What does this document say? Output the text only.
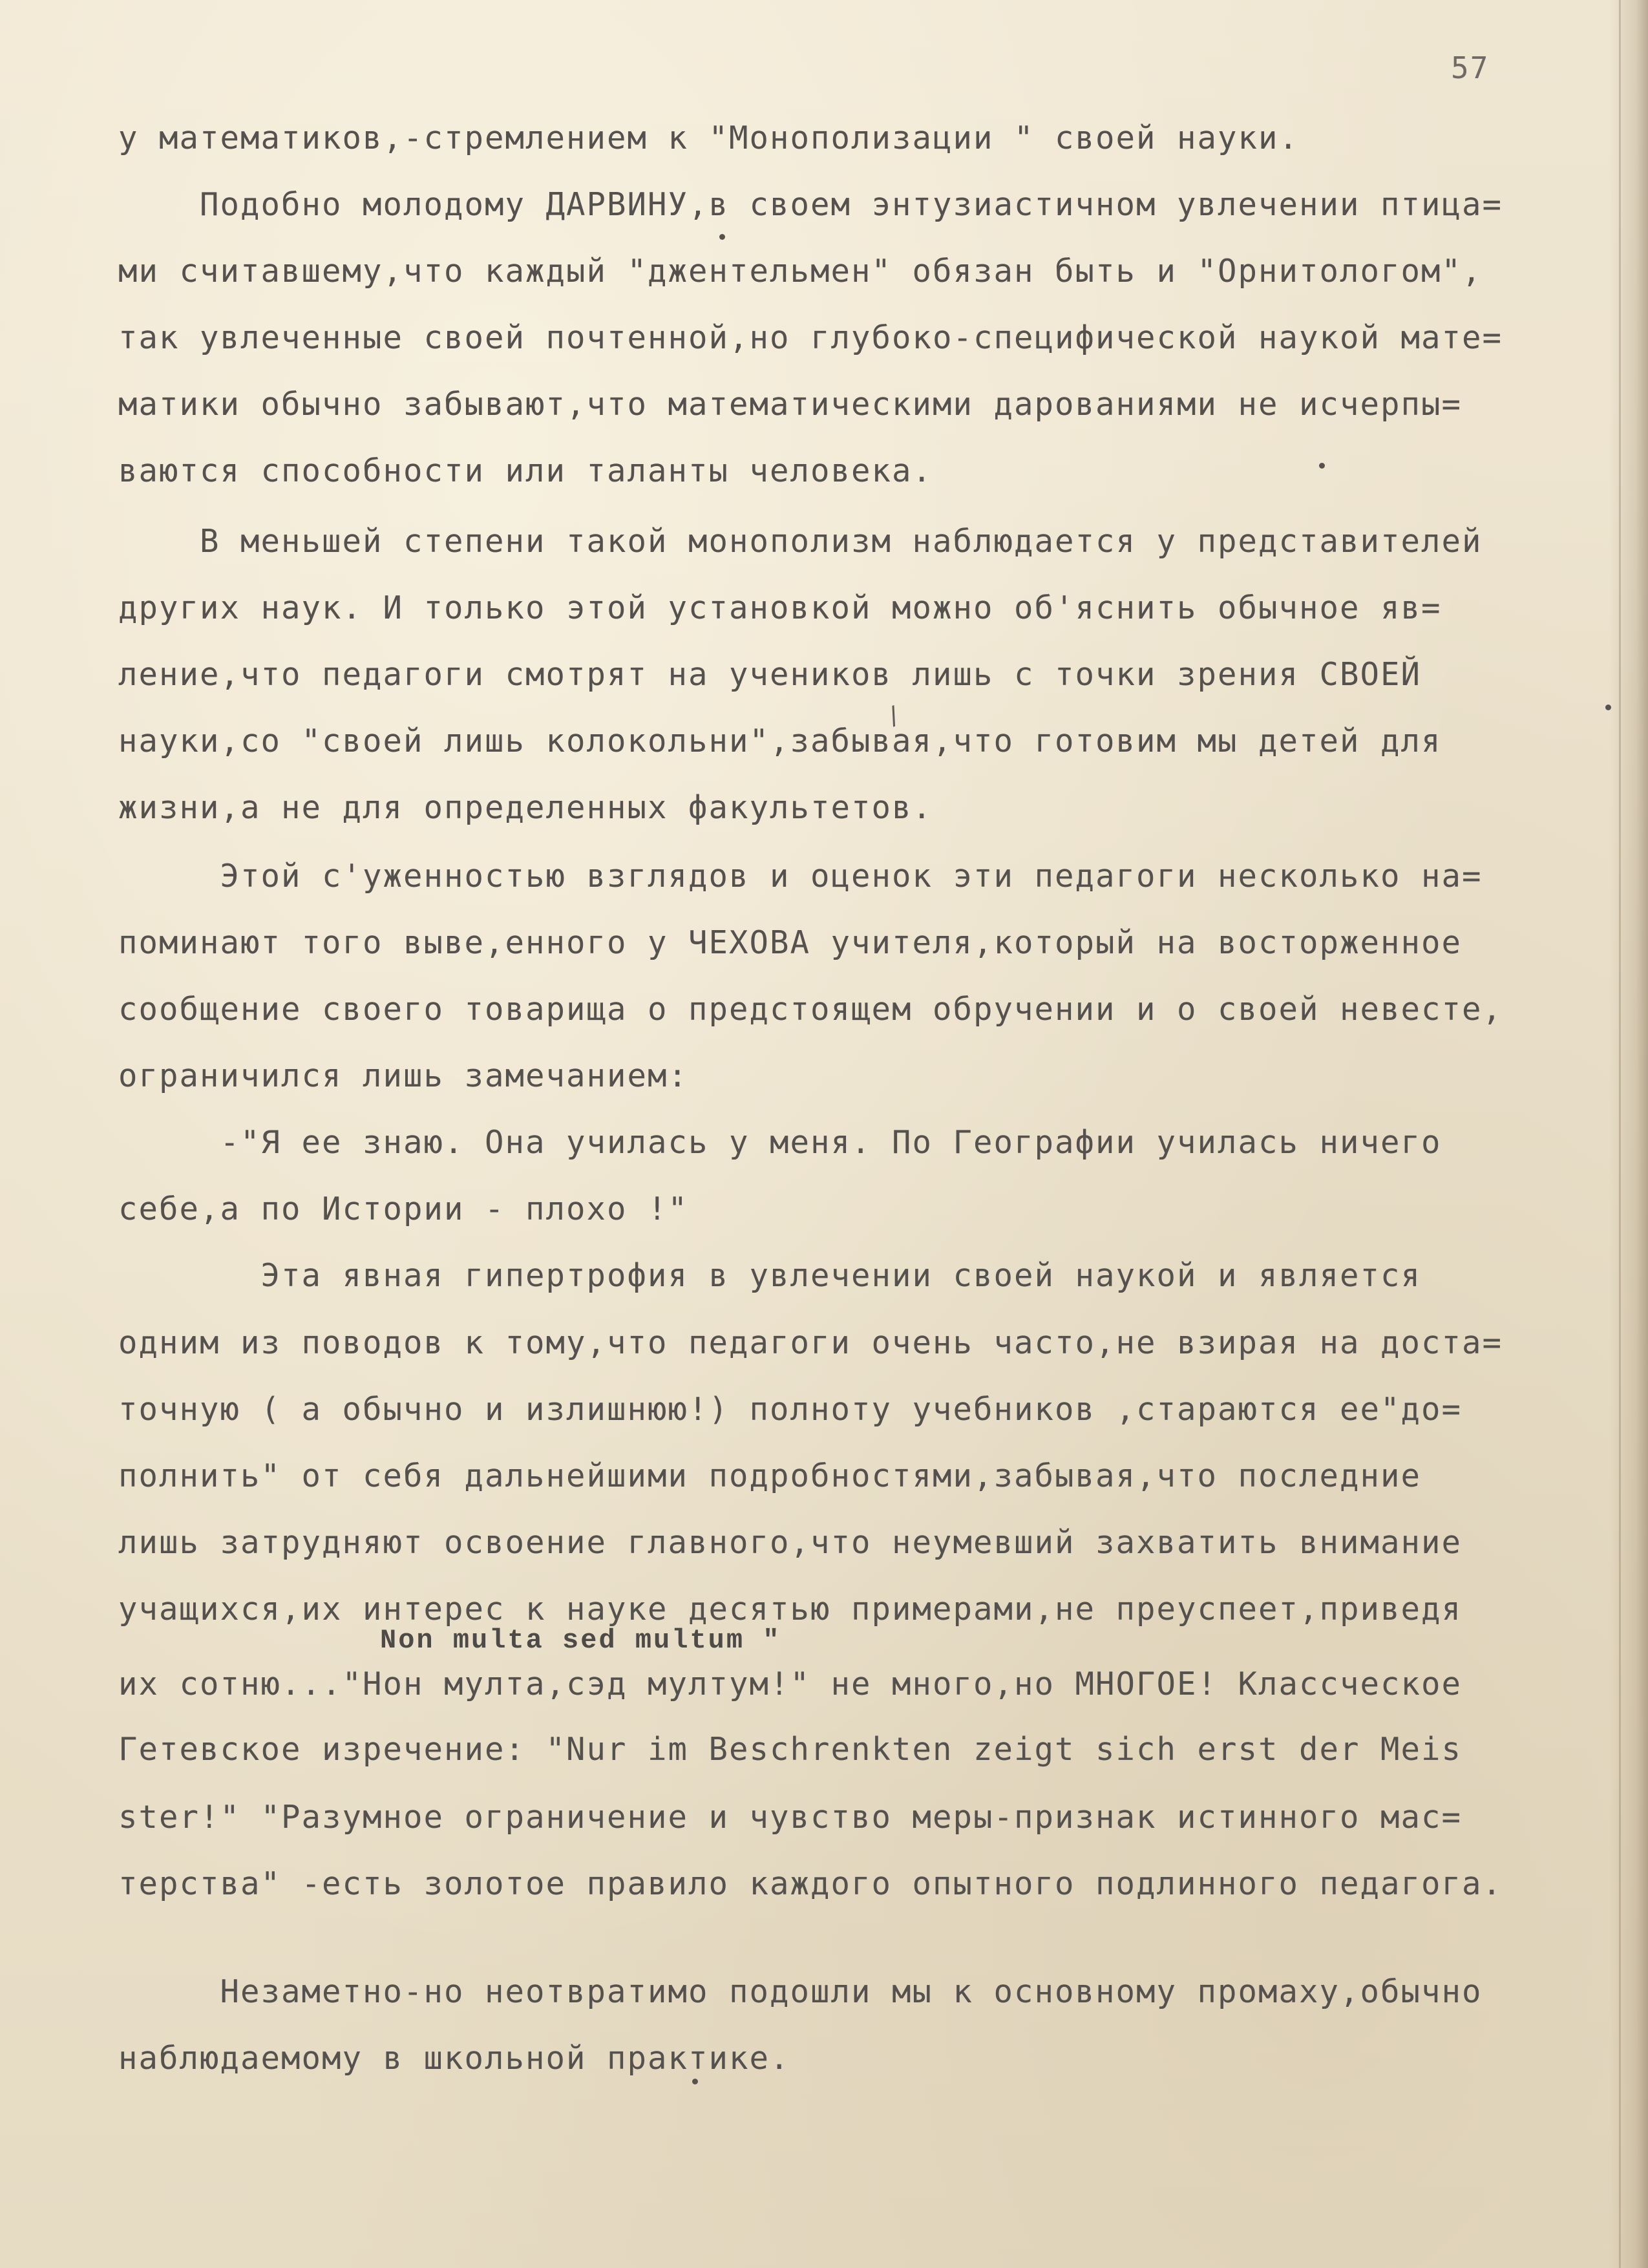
57

у математиков,-стремлением к "Монополизации " своей науки.

Подобно молодому ДАРВИНУ,в своем энтузиастичном увлечении птица=

ми считавшему,что каждый "джентельмен" обязан быть и "Орнитологом",

так увлеченные своей почтенной,но глубоко-специфической наукой мате=

матики обычно забывают,что математическими дарованиями не исчерпы=

ваются способности или таланты человека.

В меньшей степени такой монополизм наблюдается у представителей

других наук. И только этой установкой можно об'яснить обычное яв=

ление,что педагоги смотрят на учеников лишь с точки зрения СВОЕЙ

науки,со "своей лишь колокольни",забывая,что готовим мы детей для

жизни,а не для определенных факультетов.

Этой с'уженностью взглядов и оценок эти педагоги несколько на=

поминают того выве,енного у ЧЕХОВА учителя,который на восторженное

сообщение своего товарища о предстоящем обручении и о своей невесте,

ограничился лишь замечанием:

-"Я ее знаю. Она училась у меня. По Географии училась ничего

себе,а по Истории - плохо !"

Эта явная гипертрофия в увлечении своей наукой и является

одним из поводов к тому,что педагоги очень часто,не взирая на доста=

точную ( а обычно и излишнюю!) полноту учебников ,стараются ее"до=

полнить" от себя дальнейшими подробностями,забывая,что последние

лишь затрудняют освоение главного,что неумевший захватить внимание

учащихся,их интерес к науке десятью примерами,не преуспеет,приведя

их сотню..."Нон мулта,сэд мултум!" не много,но МНОГОЕ! Классческое

Гетевское изречение: "Nur im Beschrenkten zeigt sich erst der Meis

ster!" "Разумное ограничение и чувство меры-признак истинного мас=

терства" -есть золотое правило каждого опытного подлинного педагога.

Незаметно-но неотвратимо подошли мы к основному промаху,обычно

наблюдаемому в школьной практике.

Non multa sed multum "
/
